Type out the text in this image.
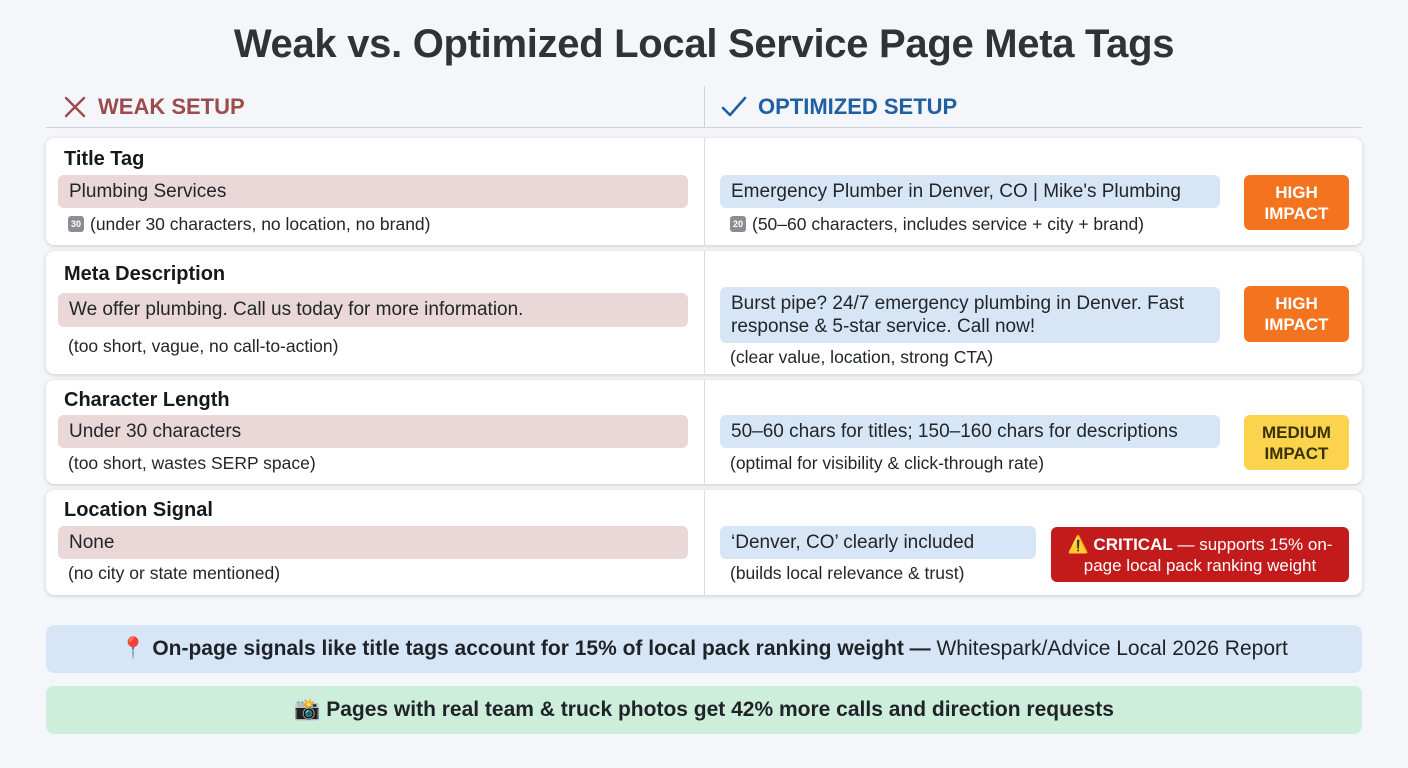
Weak vs. Optimized Local Service Page Meta Tags
WEAK SETUP	OPTIMIZED SETUP
Title Tag
Plumbing Services
30 (under 30 characters, no location, no brand)
Emergency Plumber in Denver, CO | Mike's Plumbing
20 (50–60 characters, includes service + city + brand)
HIGH
IMPACT
Meta Description
We offer plumbing. Call us today for more information.
(too short, vague, no call-to-action)
Burst pipe? 24/7 emergency plumbing in Denver. Fast
response & 5-star service. Call now!
(clear value, location, strong CTA)
HIGH
IMPACT
Character Length
Under 30 characters
(too short, wastes SERP space)
50–60 chars for titles; 150–160 chars for descriptions
(optimal for visibility & click-through rate)
MEDIUM
IMPACT
Location Signal
None
(no city or state mentioned)
‘Denver, CO’ clearly included
(builds local relevance & trust)
⚠️ CRITICAL — supports 15% on-
page local pack ranking weight
📍 On-page signals like title tags account for 15% of local pack ranking weight — Whitespark/Advice Local 2026 Report
📸 Pages with real team & truck photos get 42% more calls and direction requests
